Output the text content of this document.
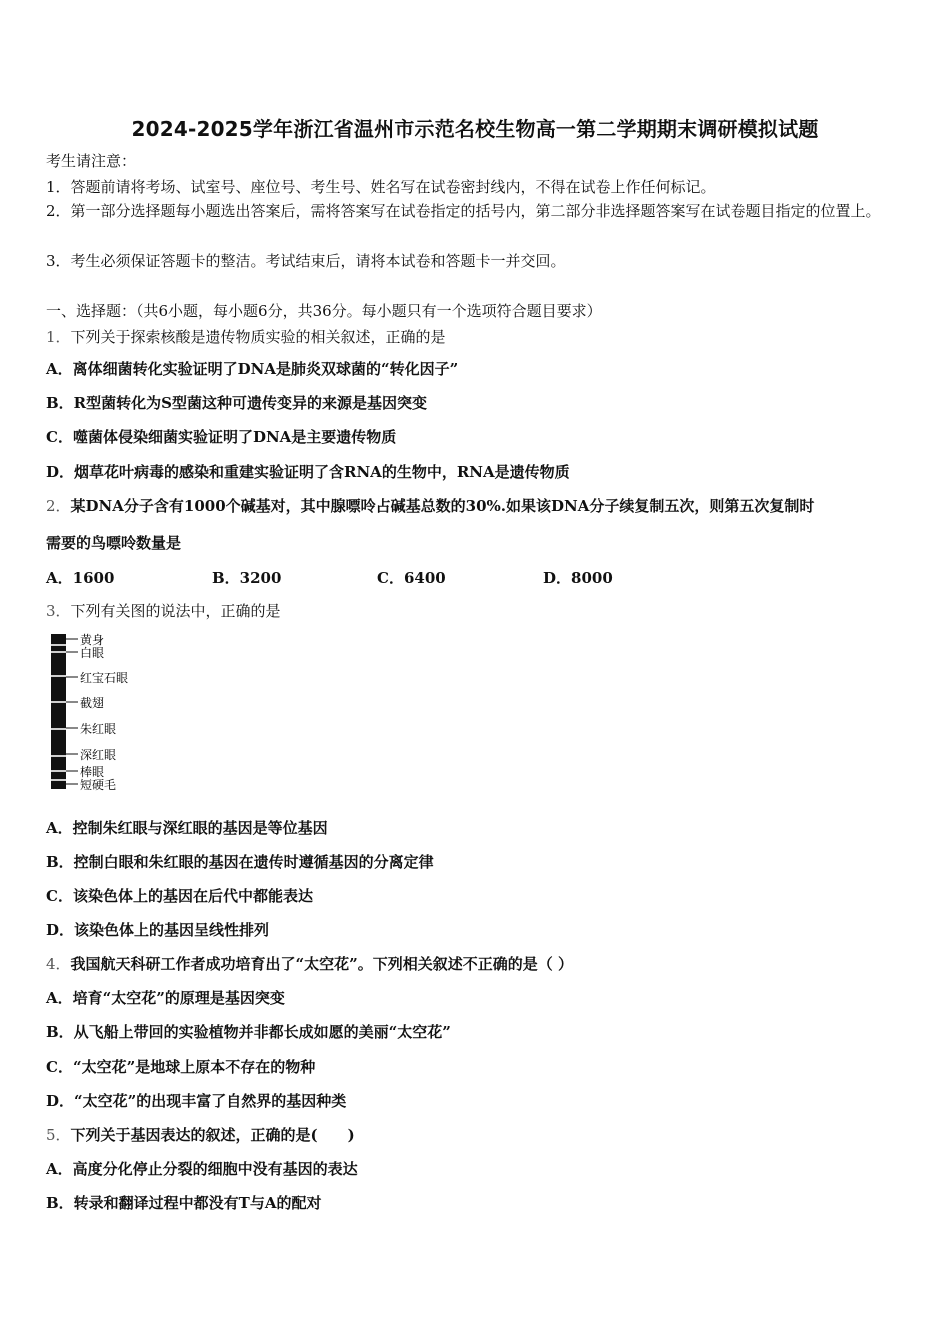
2024-2025学年浙江省温州市示范名校生物高一第二学期期末调研模拟试题
考生请注意：
1．答题前请将考场、试室号、座位号、考生号、姓名写在试卷密封线内，不得在试卷上作任何标记。
2．第一部分选择题每小题选出答案后，需将答案写在试卷指定的括号内，第二部分非选择题答案写在试卷题目指定的位置上。
3．考生必须保证答题卡的整洁。考试结束后，请将本试卷和答题卡一并交回。
一、选择题：（共6小题，每小题6分，共36分。每小题只有一个选项符合题目要求）
1．下列关于探索核酸是遗传物质实验的相关叙述，正确的是
A．离体细菌转化实验证明了DNA是肺炎双球菌的“转化因子”
B．R型菌转化为S型菌这种可遗传变异的来源是基因突变
C．噬菌体侵染细菌实验证明了DNA是主要遗传物质
D．烟草花叶病毒的感染和重建实验证明了含RNA的生物中，RNA是遗传物质
2．某DNA分子含有1000个碱基对，其中腺嘌呤占碱基总数的30%.如果该DNA分子续复制五次，则第五次复制时
需要的鸟嘌呤数量是
A．1600	B．3200	C．6400	D．8000
3．下列有关图的说法中，正确的是
黄身
白眼
红宝石眼
截翅
朱红眼
深红眼
棒眼
短硬毛
A．控制朱红眼与深红眼的基因是等位基因
B．控制白眼和朱红眼的基因在遗传时遵循基因的分离定律
C．该染色体上的基因在后代中都能表达
D．该染色体上的基因呈线性排列
4．我国航天科研工作者成功培育出了“太空花”。下列相关叙述不正确的是（ ）
A．培育“太空花”的原理是基因突变
B．从飞船上带回的实验植物并非都长成如愿的美丽“太空花”
C．“太空花”是地球上原本不存在的物种
D．“太空花”的出现丰富了自然界的基因种类
5．下列关于基因表达的叙述，正确的是(　　)
A．高度分化停止分裂的细胞中没有基因的表达
B．转录和翻译过程中都没有T与A的配对
